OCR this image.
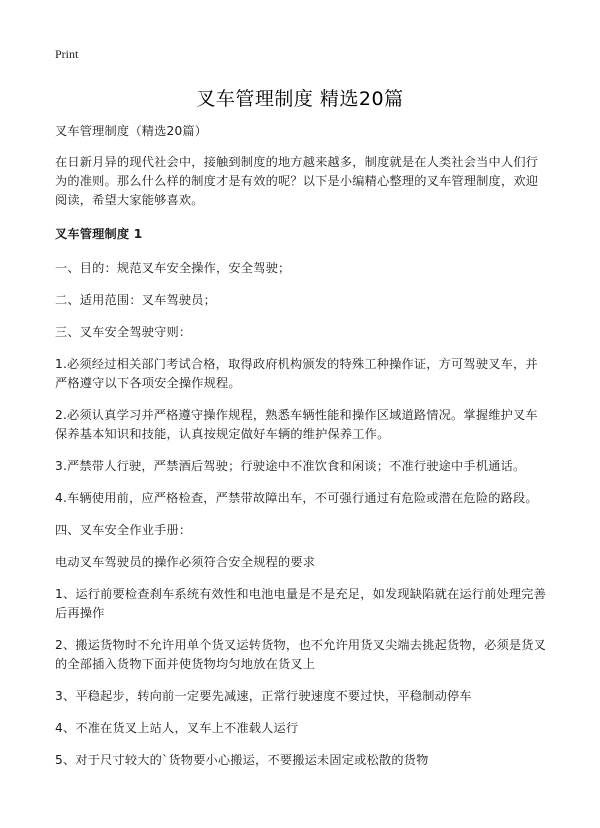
Print
叉车管理制度 精选20篇

叉车管理制度（精选20篇）

在日新月异的现代社会中，接触到制度的地方越来越多，制度就是在人类社会当中人们行为的准则。那么什么样的制度才是有效的呢？以下是小编精心整理的叉车管理制度，欢迎阅读，希望大家能够喜欢。

叉车管理制度 1

一、目的：规范叉车安全操作，安全驾驶；

二、适用范围：叉车驾驶员；

三、叉车安全驾驶守则：

1.必须经过相关部门考试合格，取得政府机构颁发的特殊工种操作证，方可驾驶叉车，并严格遵守以下各项安全操作规程。

2.必须认真学习并严格遵守操作规程，熟悉车辆性能和操作区域道路情况。掌握维护叉车保养基本知识和技能，认真按规定做好车辆的维护保养工作。

3.严禁带人行驶，严禁酒后驾驶；行驶途中不准饮食和闲谈；不准行驶途中手机通话。

4.车辆使用前，应严格检查，严禁带故障出车，不可强行通过有危险或潜在危险的路段。

四、叉车安全作业手册：

电动叉车驾驶员的操作必须符合安全规程的要求

1、运行前要检查刹车系统有效性和电池电量是不是充足，如发现缺陷就在运行前处理完善后再操作

2、搬运货物时不允许用单个货叉运转货物，也不允许用货叉尖端去挑起货物，必须是货叉的全部插入货物下面并使货物均匀地放在货叉上

3、平稳起步，转向前一定要先减速，正常行驶速度不要过快，平稳制动停车

4、不准在货叉上站人，叉车上不准载人运行

5、对于尺寸较大的`货物要小心搬运，不要搬运未固定或松散的货物
